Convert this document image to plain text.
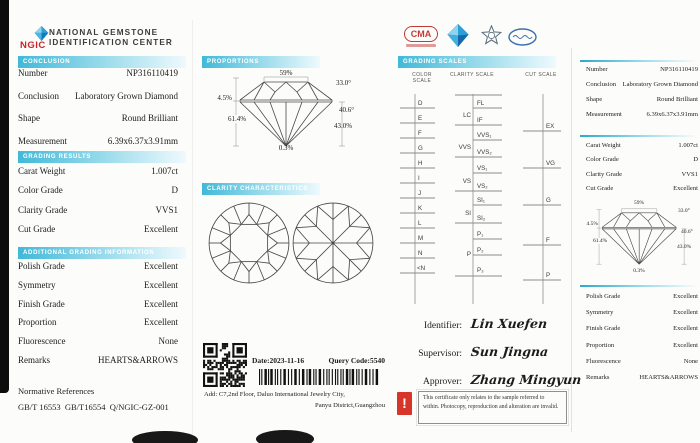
NGIC
NATIONAL GEMSTONE
IDENTIFICATION CENTER
CMA
CONCLUSION
Number	NP316110419
Conclusion Laboratory Grown Diamond
Shape	Round Brilliant
Measurement	6.39x6.37x3.91mm
GRADING RESULTS
Carat Weight	1.007ct
Color Grade	D
Clarity Grade	VVS1
Cut Grade	Excellent
ADDITIONAL GRADING INFORMATION
Polish Grade	Excellent
Symmetry	Excellent
Finish Grade	Excellent
Proportion	Excellent
Fluorescence	None
Remarks	HEARTS&ARROWS
Normative References
GB/T 16553  GB/T16554  Q/NGIC-GZ-001
PROPORTIONS
59%
33.0°
4.5%
61.4%
40.6°
43.0%
0.3%
CLARITY CHARACTERISTICS
Date:2023-11-16	Query Code:5540
Add: C7,2nd Floor, Daluo International Jewelry City,
Panyu District,Guangzhou
GRADING SCALES
COLOR SCALE
CLARITY SCALE	CUT SCALE
D
E
F
G
H
I
J
K
L
M
N
<N
FL
IF
VVS₁
VVS₂
VS₁
VS₂
SI₁
SI₂
P₁
P₂
P₃
LC
VVS
VS
SI
P
EX
VG
G
F
P
Identifier: Lin Xuefen
Supervisor: Sun Jingna
Approver: Zhang Mingyun
!	This certificate only relates to the sample referred to within. Photocopy, reproduction and alteration are invalid.
Number	NP316110419
Conclusion Laboratory Grown Diamond
Shape	Round Brilliant
Measurement	6.39x6.37x3.91mm
Carat Weight	1.007ct
Color Grade	D
Clarity Grade	VVS1
Cut Grade	Excellent
59%
33.0°
4.5%
61.4%
40.6°
43.0%
0.3%
Polish Grade	Excellent
Symmetry	Excellent
Finish Grade	Excellent
Proportion	Excellent
Fluorescence	None
Remarks	HEARTS&ARROWS
